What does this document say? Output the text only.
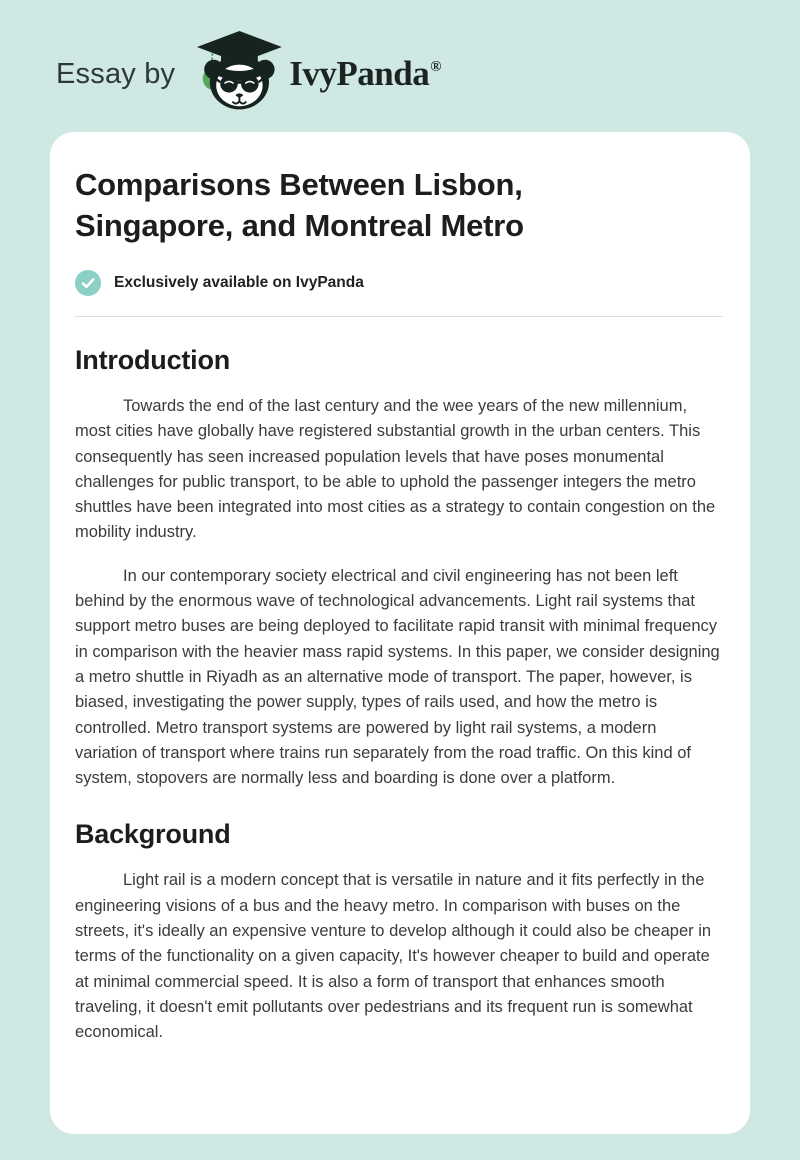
Essay by	IvyPanda®
Comparisons Between Lisbon, Singapore, and Montreal Metro
Exclusively available on IvyPanda
Introduction

Towards the end of the last century and the wee years of the new millennium, most cities have globally have registered substantial growth in the urban centers. This consequently has seen increased population levels that have poses monumental challenges for public transport, to be able to uphold the passenger integers the metro shuttles have been integrated into most cities as a strategy to contain congestion on the mobility industry.

In our contemporary society electrical and civil engineering has not been left behind by the enormous wave of technological advancements. Light rail systems that support metro buses are being deployed to facilitate rapid transit with minimal frequency in comparison with the heavier mass rapid systems. In this paper, we consider designing a metro shuttle in Riyadh as an alternative mode of transport. The paper, however, is biased, investigating the power supply, types of rails used, and how the metro is controlled. Metro transport systems are powered by light rail systems, a modern variation of transport where trains run separately from the road traffic. On this kind of system, stopovers are normally less and boarding is done over a platform.

Background

Light rail is a modern concept that is versatile in nature and it fits perfectly in the engineering visions of a bus and the heavy metro. In comparison with buses on the streets, it's ideally an expensive venture to develop although it could also be cheaper in terms of the functionality on a given capacity, It's however cheaper to build and operate at minimal commercial speed. It is also a form of transport that enhances smooth traveling, it doesn't emit pollutants over pedestrians and its frequent run is somewhat economical.
